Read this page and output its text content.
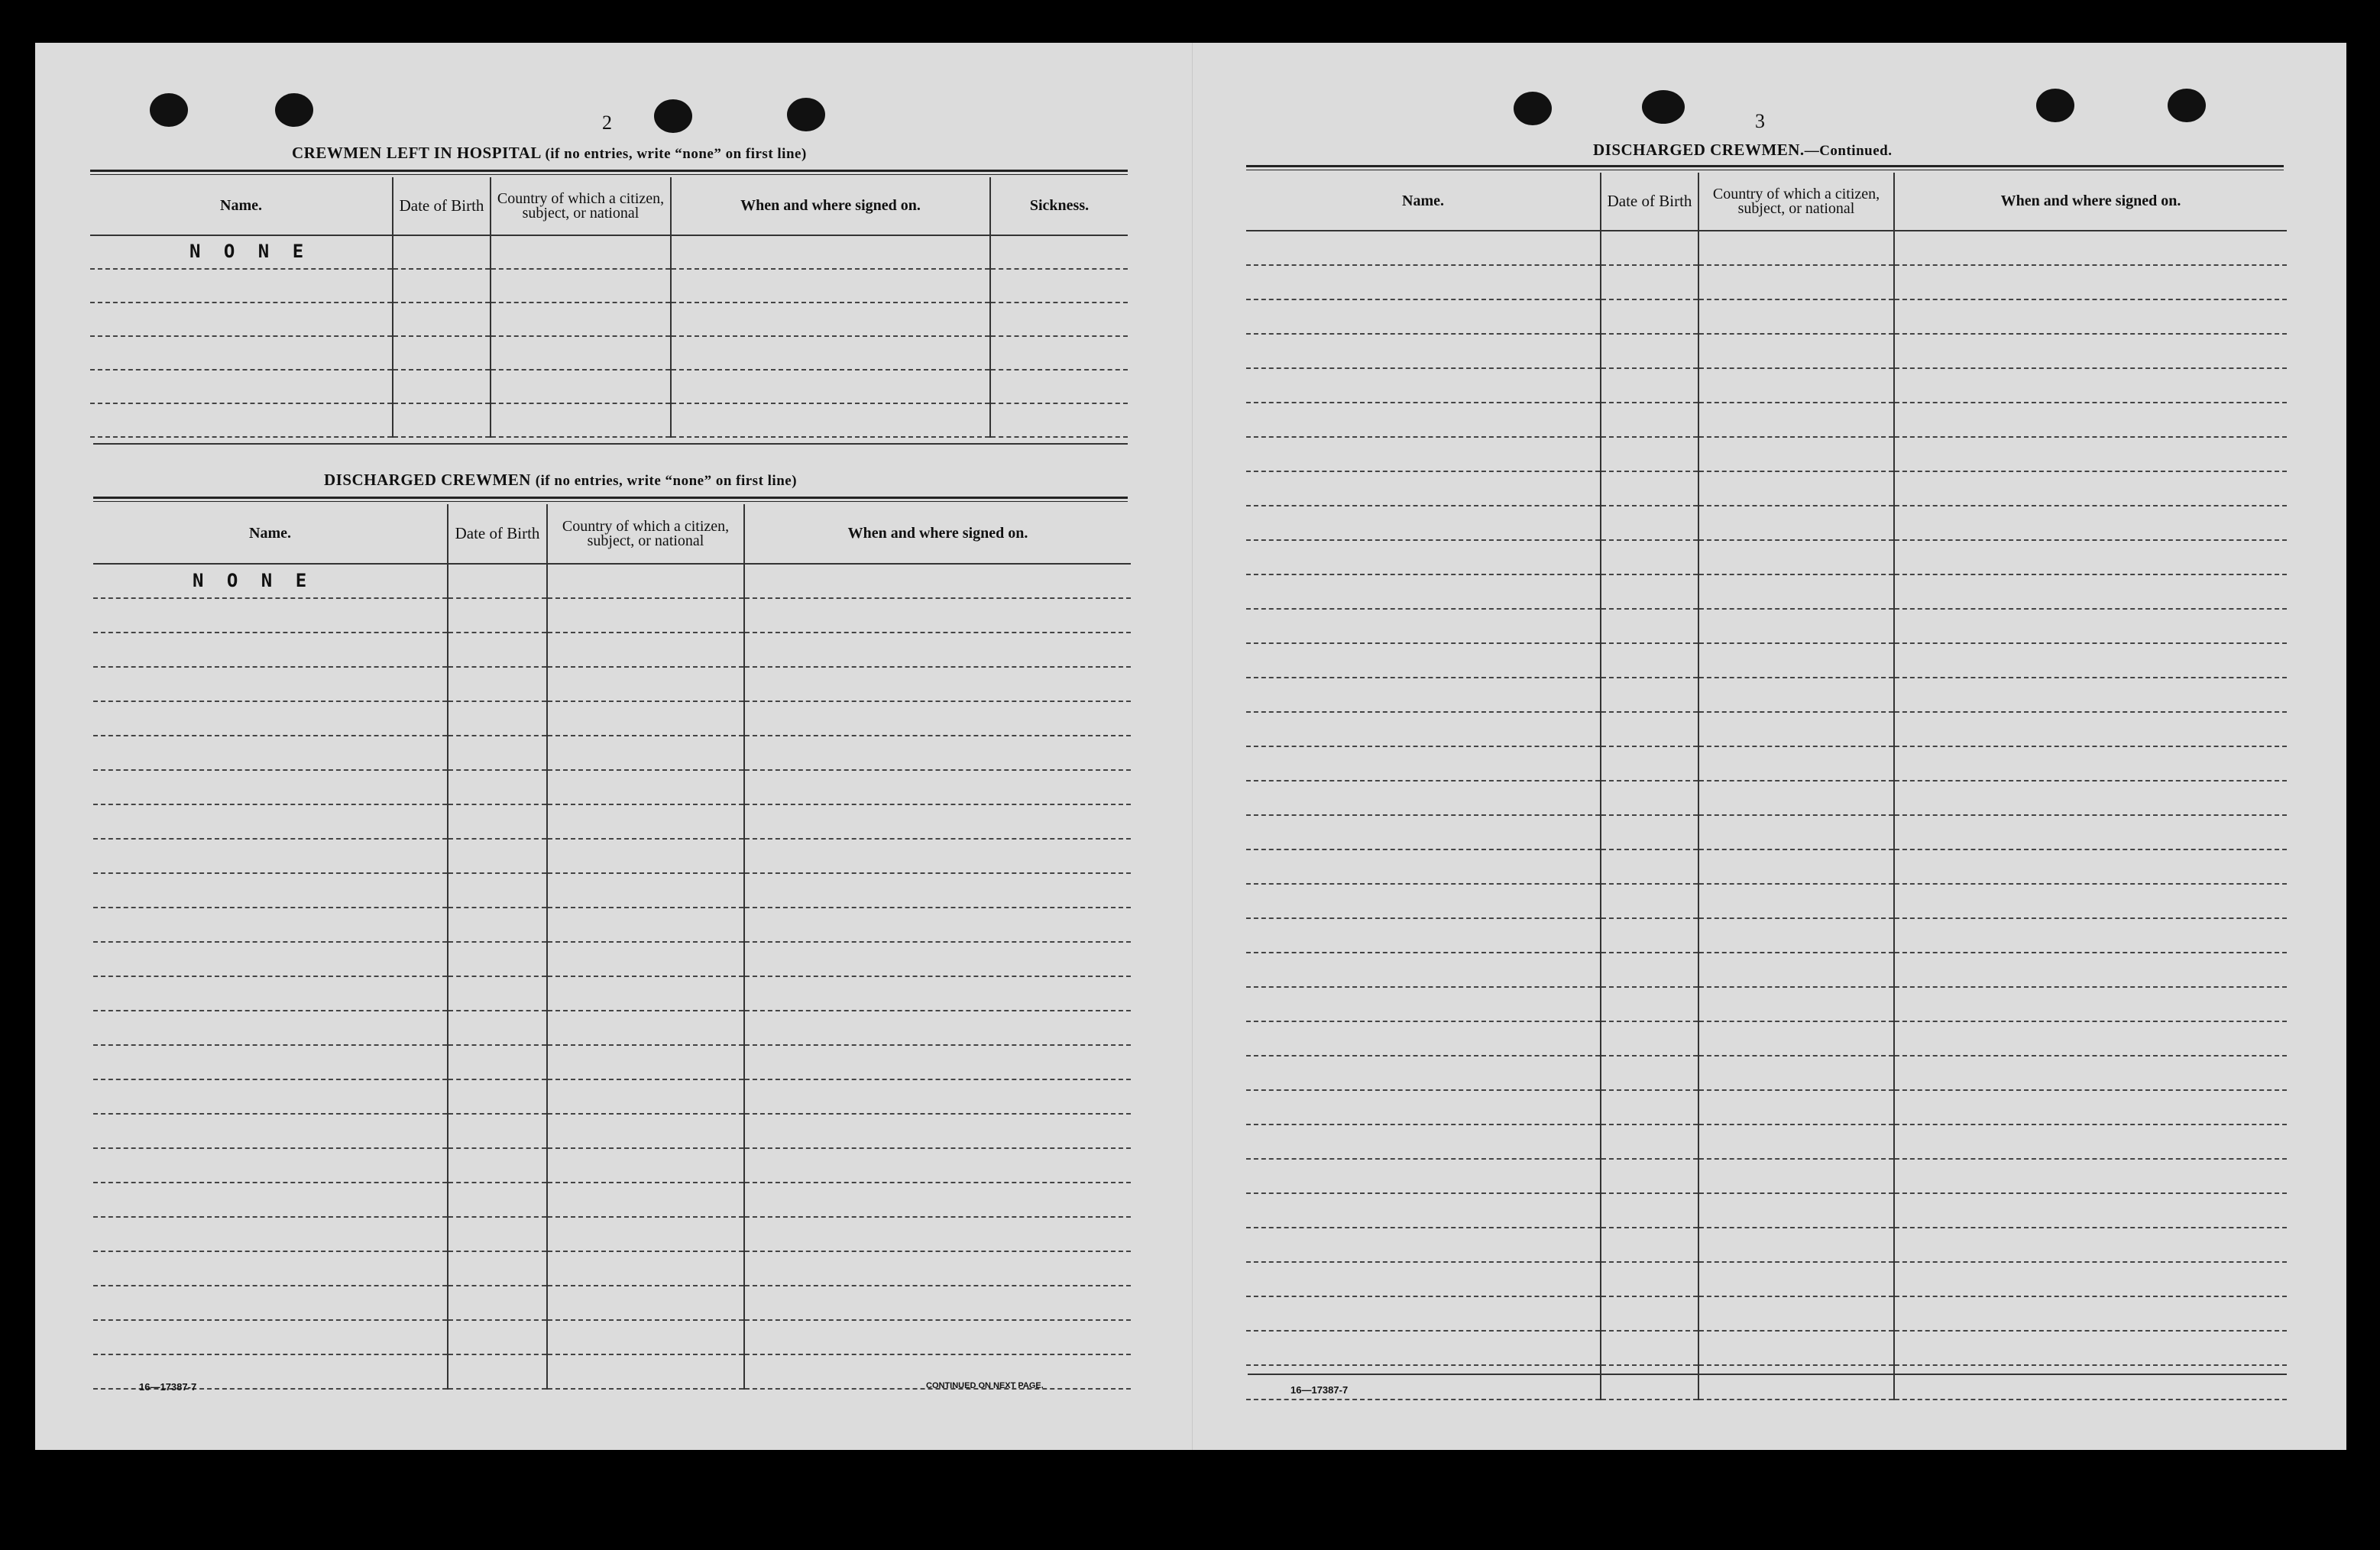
2
CREWMEN LEFT IN HOSPITAL (if no entries, write “none” on first line)
Name.	Date of Birth	Country of which a citizen, subject, or national	When and where signed on.	Sickness.
N O N E				

DISCHARGED CREWMEN (if no entries, write “none” on first line)
Name.	Date of Birth	Country of which a citizen, subject, or national	When and where signed on.
N O N E			

16—17387-7	CONTINUED ON NEXT PAGE.
3
DISCHARGED CREWMEN.—Continued.
Name.	Date of Birth	Country of which a citizen, subject, or national	When and where signed on.

16—17387-7
